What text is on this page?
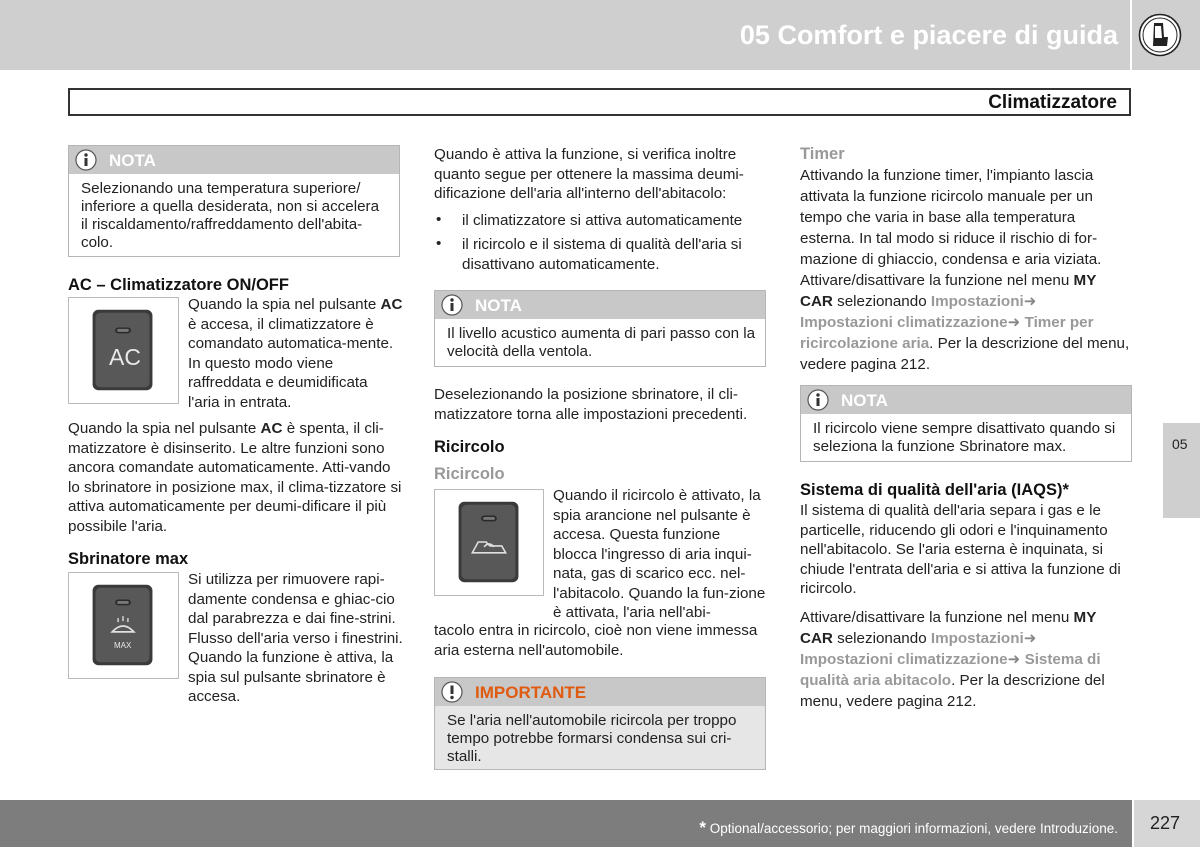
05 Comfort e piacere di guida
Climatizzatore
NOTA
Selezionando una temperatura superiore/ inferiore a quella desiderata, non si accelera il riscaldamento/raffreddamento dell'abita-colo.
AC – Climatizzatore ON/OFF
AC
Quando la spia nel pulsante AC è accesa, il climatizzatore è comandato automatica-mente. In questo modo viene raffreddata e deumidificata l'aria in entrata.
Quando la spia nel pulsante AC è spenta, il cli-matizzatore è disinserito. Le altre funzioni sono ancora comandate automaticamente. Atti-vando lo sbrinatore in posizione max, il clima-tizzatore si attiva automaticamente per deumi-dificare il più possibile l'aria.
Sbrinatore max
MAX
Si utilizza per rimuovere rapi-damente condensa e ghiac-cio dal parabrezza e dai fine-strini. Flusso dell'aria verso i finestrini. Quando la funzione è attiva, la spia sul pulsante sbrinatore è accesa.
Quando è attiva la funzione, si verifica inoltre quanto segue per ottenere la massima deumi-dificazione dell'aria all'interno dell'abitacolo:
• il climatizzatore si attiva automaticamente
• il ricircolo e il sistema di qualità dell'aria si disattivano automaticamente.
NOTA
Il livello acustico aumenta di pari passo con la velocità della ventola.
Deselezionando la posizione sbrinatore, il cli-matizzatore torna alle impostazioni precedenti.
Ricircolo
Ricircolo
Quando il ricircolo è attivato, la spia arancione nel pulsante è accesa. Questa funzione blocca l'ingresso di aria inqui-nata, gas di scarico ecc. nel-l'abitacolo. Quando la fun-zione è attivata, l'aria nell'abi-
tacolo entra in ricircolo, cioè non viene immessa aria esterna nell'automobile.
IMPORTANTE
Se l'aria nell'automobile ricircola per troppo tempo potrebbe formarsi condensa sui cri-stalli.
Timer
Attivando la funzione timer, l'impianto lascia attivata la funzione ricircolo manuale per un tempo che varia in base alla temperatura esterna. In tal modo si riduce il rischio di for-mazione di ghiaccio, condensa e aria viziata. Attivare/disattivare la funzione nel menu MY CAR selezionando Impostazioni➜ Impostazioni climatizzazione➜ Timer per ricircolazione aria. Per la descrizione del menu, vedere pagina 212.
NOTA
Il ricircolo viene sempre disattivato quando si seleziona la funzione Sbrinatore max.
Sistema di qualità dell'aria (IAQS)*
Il sistema di qualità dell'aria separa i gas e le particelle, riducendo gli odori e l'inquinamento nell'abitacolo. Se l'aria esterna è inquinata, si chiude l'entrata dell'aria e si attiva la funzione di ricircolo.
Attivare/disattivare la funzione nel menu MY CAR selezionando Impostazioni➜ Impostazioni climatizzazione➜ Sistema di qualità aria abitacolo. Per la descrizione del menu, vedere pagina 212.
05
* Optional/accessorio; per maggiori informazioni, vedere Introduzione. 227
